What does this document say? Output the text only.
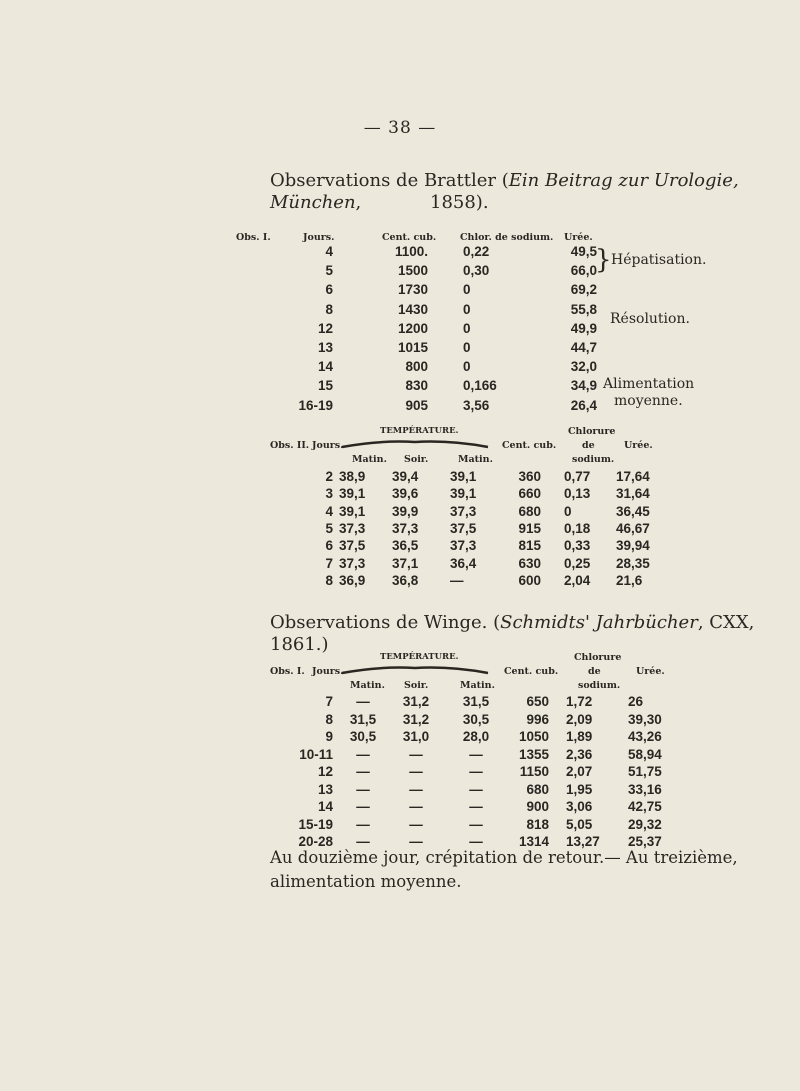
— 38 —
Observations de Brattler (Ein Beitrag zur Urologie, München,	1858).
Obs. I.	Jours.	Cent. cub.	Chlor. de sodium. Urée.
4	1100.	0,22	49,5
5	1500	0,30	66,0
6	1730	0	69,2
8	1430	0	55,8
12	1200	0	49,9
13	1015	0	44,7
14	800	0	32,0
15	830	0,166	34,9
16-19	905	3,56	26,4
} Hépatisation.
Résolution.
Alimentation
moyenne.
Obs. II. Jours.
TEMPÉRATURE.
Matin. Soir.	Matin.
Cent. cub.
Chlorure
de
sodium.
Urée.
2 38,9 39,4 39,1	360 0,77 17,64
3 39,1 39,6 39,1	660 0,13 31,64
4 39,1 39,9 37,3	680 0	36,45
5 37,3 37,3 37,5	915 0,18 46,67
6 37,5 36,5 37,3	815 0,33 39,94
7 37,3 37,1 36,4	630 0,25 28,35
8 36,9 36,8 —	600 2,04 21,6
Observations de Winge. (Schmidts' Jahrbücher, CXX, 1861.)
Obs. I. Jours.
TEMPÉRATURE.
Matin. Soir.	Matin.
Cent. cub.
Chlorure
de
sodium.
Urée.
7	—	31,2	31,5	650 1,72	26
8	31,5	31,2	30,5	996 2,09	39,30
9	30,5	31,0	28,0	1050 1,89	43,26
10-11	—	—	—	1355 2,36	58,94
12	—	—	—	1150 2,07	51,75
13	—	—	—	680 1,95	33,16
14	—	—	—	900 3,06	42,75
15-19	—	—	—	818 5,05	29,32
20-28	—	—	—	1314 13,27 25,37
Au douzième jour, crépitation de retour.— Au treizième,
alimentation moyenne.
